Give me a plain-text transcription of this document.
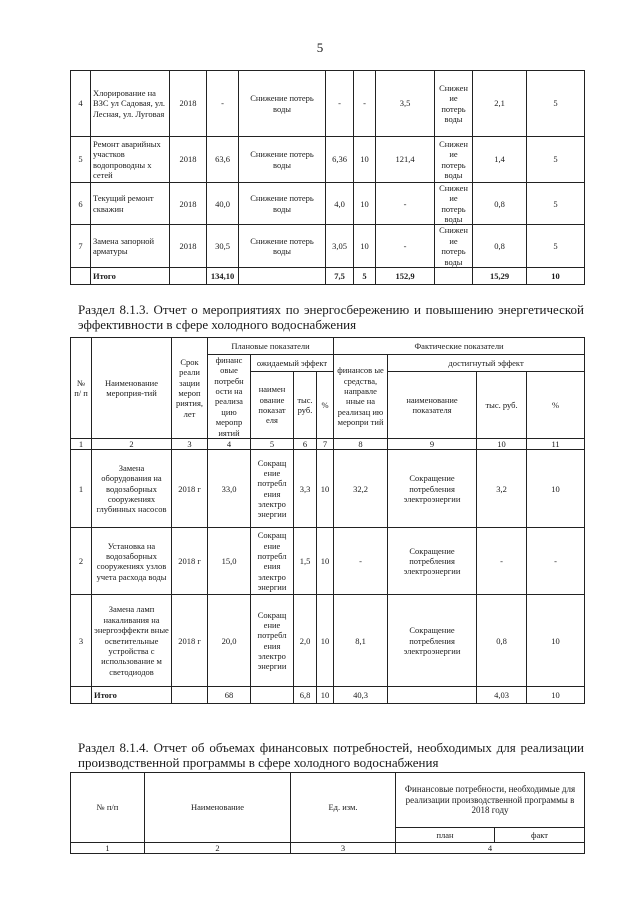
5
4	Хлорирование на ВЗС ул Садовая, ул. Лесная, ул. Луговая	2018	-	Снижение потерь воды	-	-	3,5	Снижен ие потерь воды	2,1	5
5	Ремонт аварийных участков водопроводны х сетей	2018	63,6	Снижение потерь воды	6,36	10	121,4	Снижен ие потерь воды	1,4	5
6	Текущий ремонт скважин	2018	40,0	Снижение потерь воды	4,0	10	-	Снижен ие потерь воды	0,8	5
7	Замена запорной арматуры	2018	30,5	Снижение потерь воды	3,05	10	-	Снижен ие потерь воды	0,8	5
	Итого		134,10		7,5	5	152,9		15,29	10
Раздел 8.1.3. Отчет о мероприятиях по энергосбережению и повышению энергетической эффективности в сфере холодного водоснабжения
№ п/ п	Наименование мероприя-тий	Срок реали зации мероп риятия, лет	Плановые показатели				Фактические показатели			
			финанс овые потребн ости на реализа цию меропр иятий	ожидаемый эффект			финансов ые средства, направле нные на реализац ию меропри тий	достигнутый эффект		
				наимен ование показат еля	тыс. руб.	%		наименование показателя	тыс. руб.	%
1	2	3	4	5	6	7	8	9	10	11
1	Замена оборудования на водозаборных сооружениях глубинных насосов	2018 г	33,0	Сокращ ение потребл ения электро энергии	3,3	10	32,2	Сокращение потребления электроэнергии	3,2	10
2	Установка на водозаборных сооружениях узлов учета расхода воды	2018 г	15,0	Сокращ ение потребл ения электро энергии	1,5	10	-	Сокращение потребления электроэнергии	-	-
3	Замена ламп накаливания на энергоэффекти вные осветительные устройства с использование м светодиодов	2018 г	20,0	Сокращ ение потребл ения электро энергии	2,0	10	8,1	Сокращение потребления электроэнергии	0,8	10
	Итого		68		6,8	10	40,3		4,03	10
Раздел 8.1.4. Отчет об объемах финансовых потребностей, необходимых для реализации производственной программы в сфере холодного водоснабжения
№ п/п	Наименование	Ед. изм.	Финансовые потребности, необходимые для реализации производственной программы в 2018 году	
			план	факт
1	2	3	4	
